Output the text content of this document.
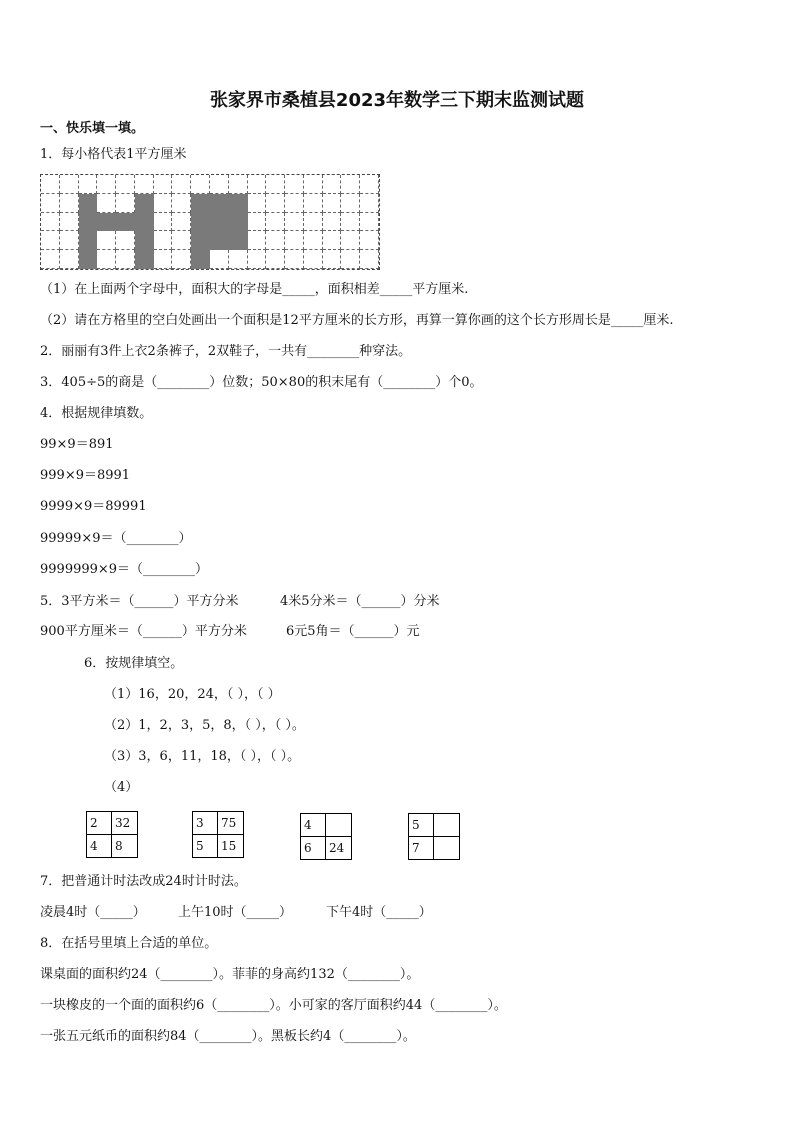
张家界市桑植县2023年数学三下期末监测试题
一、快乐填一填。
1．每小格代表1平方厘米
（1）在上面两个字母中，面积大的字母是_____，面积相差_____平方厘米.
（2）请在方格里的空白处画出一个面积是12平方厘米的长方形，再算一算你画的这个长方形周长是_____厘米.
2．丽丽有3件上衣2条裤子，2双鞋子，一共有________种穿法。
3．405÷5的商是（________）位数；50×80的积末尾有（________）个0。
4．根据规律填数。
99×9＝891
999×9＝8991
9999×9＝89991
99999×9＝（________）
9999999×9＝（________）
5．3平方米＝（______）平方分米	4米5分米＝（______）分米
900平方厘米＝（______）平方分米	6元5角＝（______）元
6．按规律填空。
（1）16，20，24，（ ），（ ）
（2）1，2，3，5，8，（ ），（ ）。
（3）3，6，11，18，（ ），（ ）。
（4）
2	32
4	8
3	75
5	15
4
6	24
5
7
7．把普通计时法改成24时计时法。
凌晨4时（_____） 上午10时（_____）	下午4时（_____）
8．在括号里填上合适的单位。
课桌面的面积约24（________）。菲菲的身高约132（________）。
一块橡皮的一个面的面积约6（________）。小可家的客厅面积约44（________）。
一张五元纸币的面积约84（________）。黑板长约4（________）。
